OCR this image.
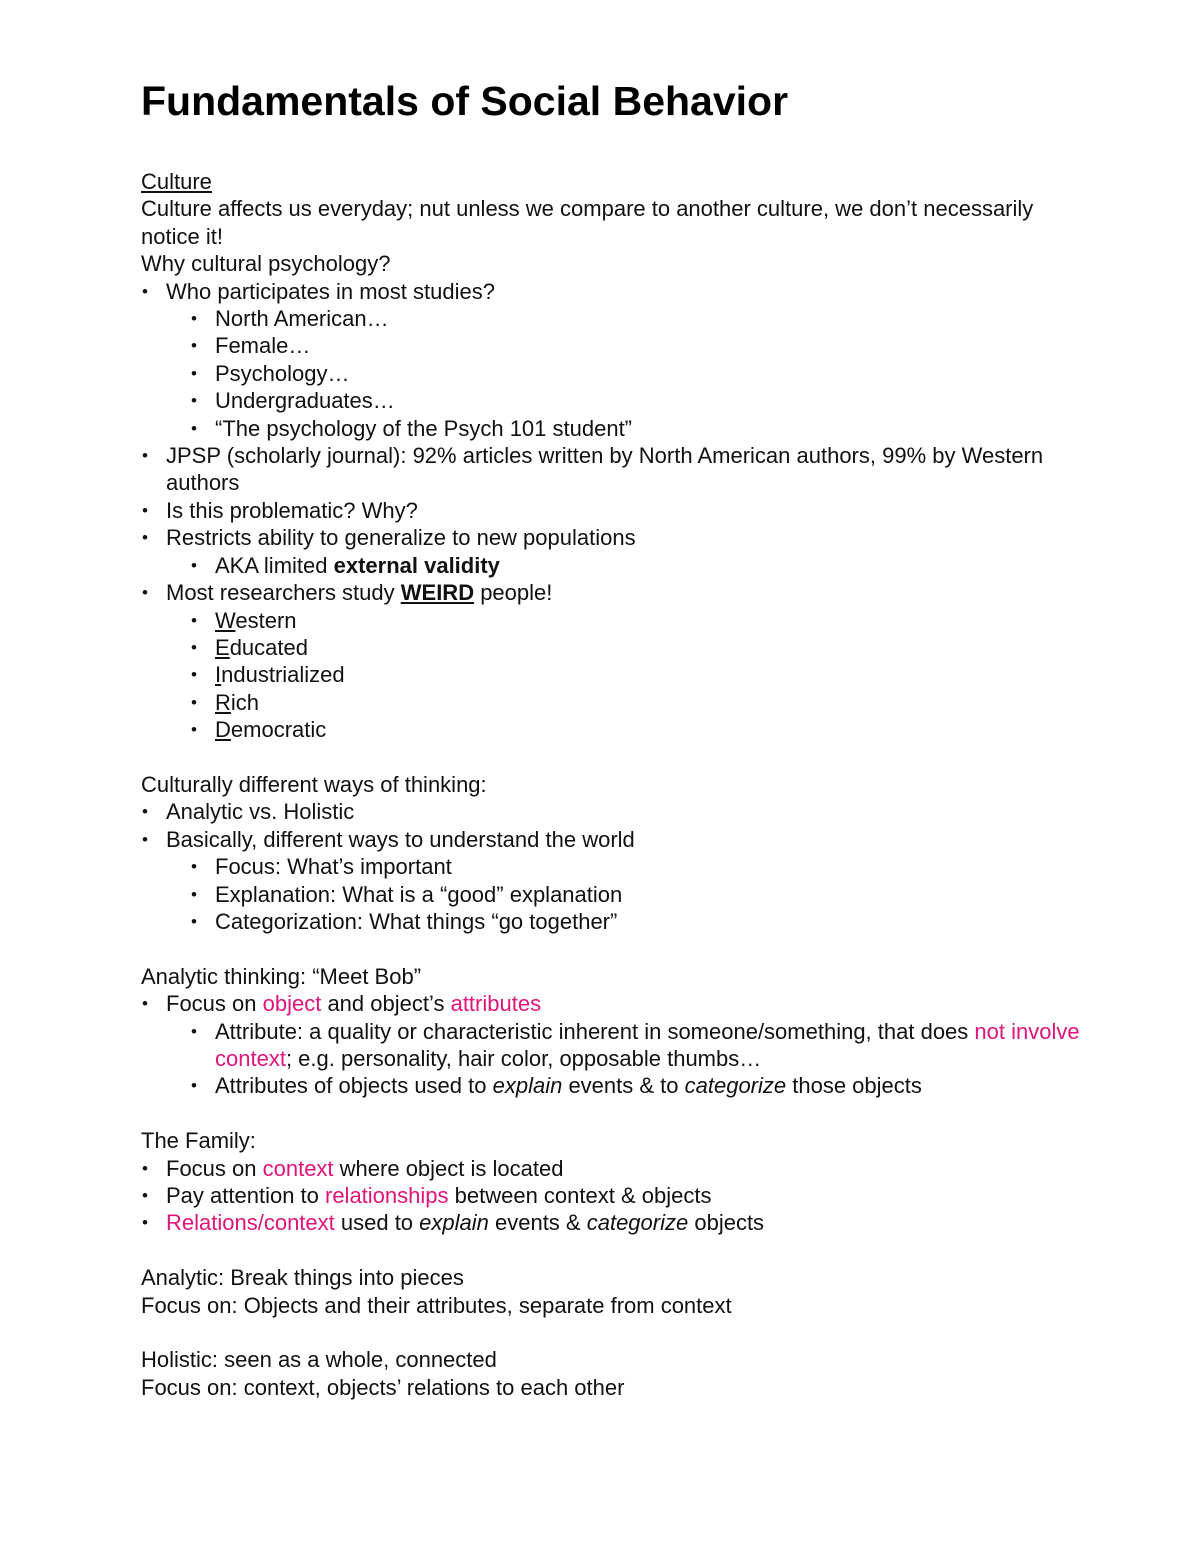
Fundamentals of Social Behavior

Culture

Culture affects us everyday; nut unless we compare to another culture, we don’t necessarily notice it!

Why cultural psychology?

• Who participates in most studies?
• North American…
• Female…
• Psychology…
• Undergraduates…
• “The psychology of the Psych 101 student”
• JPSP (scholarly journal): 92% articles written by North American authors, 99% by Western authors
• Is this problematic? Why?
• Restricts ability to generalize to new populations
• AKA limited external validity
• Most researchers study WEIRD people!
• Western
• Educated
• Industrialized
• Rich
• Democratic

Culturally different ways of thinking:

• Analytic vs. Holistic
• Basically, different ways to understand the world
• Focus: What’s important
• Explanation: What is a “good” explanation
• Categorization: What things “go together”

Analytic thinking: “Meet Bob”

• Focus on object and object’s attributes
• Attribute: a quality or characteristic inherent in someone/something, that does not involve context; e.g. personality, hair color, opposable thumbs…
• Attributes of objects used to explain events & to categorize those objects

The Family:

• Focus on context where object is located
• Pay attention to relationships between context & objects
• Relations/context used to explain events & categorize objects

Analytic: Break things into pieces

Focus on: Objects and their attributes, separate from context

Holistic: seen as a whole, connected

Focus on: context, objects’ relations to each other
